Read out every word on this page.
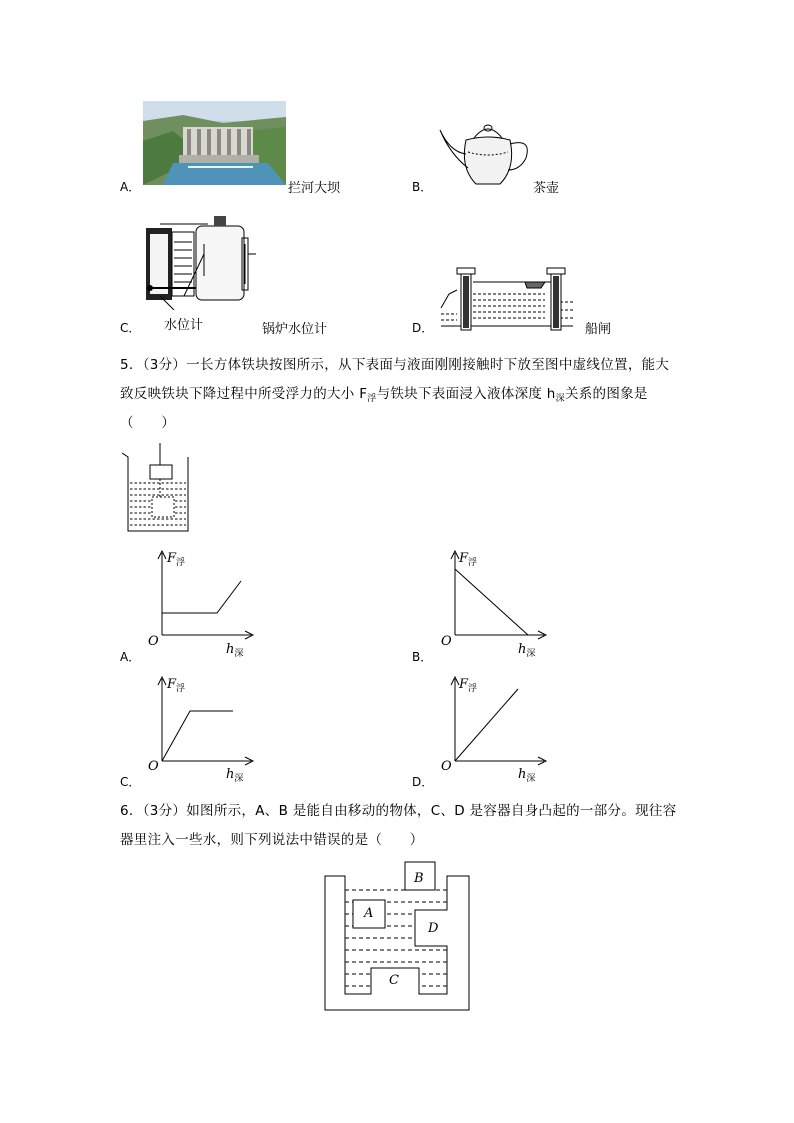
A．	拦河大坝	B．	茶壶
水位计
C．	锅炉水位计	D．	船闸
5．（3分）一长方体铁块按图所示，从下表面与液面刚刚接触时下放至图中虚线位置，能大
致反映铁块下降过程中所受浮力的大小 $F_浮$与铁块下表面浸入液体深度 $h_深$关系的图象是
（　　）
$F_浮$
O
$h_深$
A．
$F_浮$
O
$h_深$
B．
$F_浮$
O
$h_深$
C．
$F_浮$
O
$h_深$
D．
6．（3分）如图所示，A、B 是能自由移动的物体，C、D 是容器自身凸起的一部分。现往容
器里注入一些水，则下列说法中错误的是（　　）
B
A
D
C
